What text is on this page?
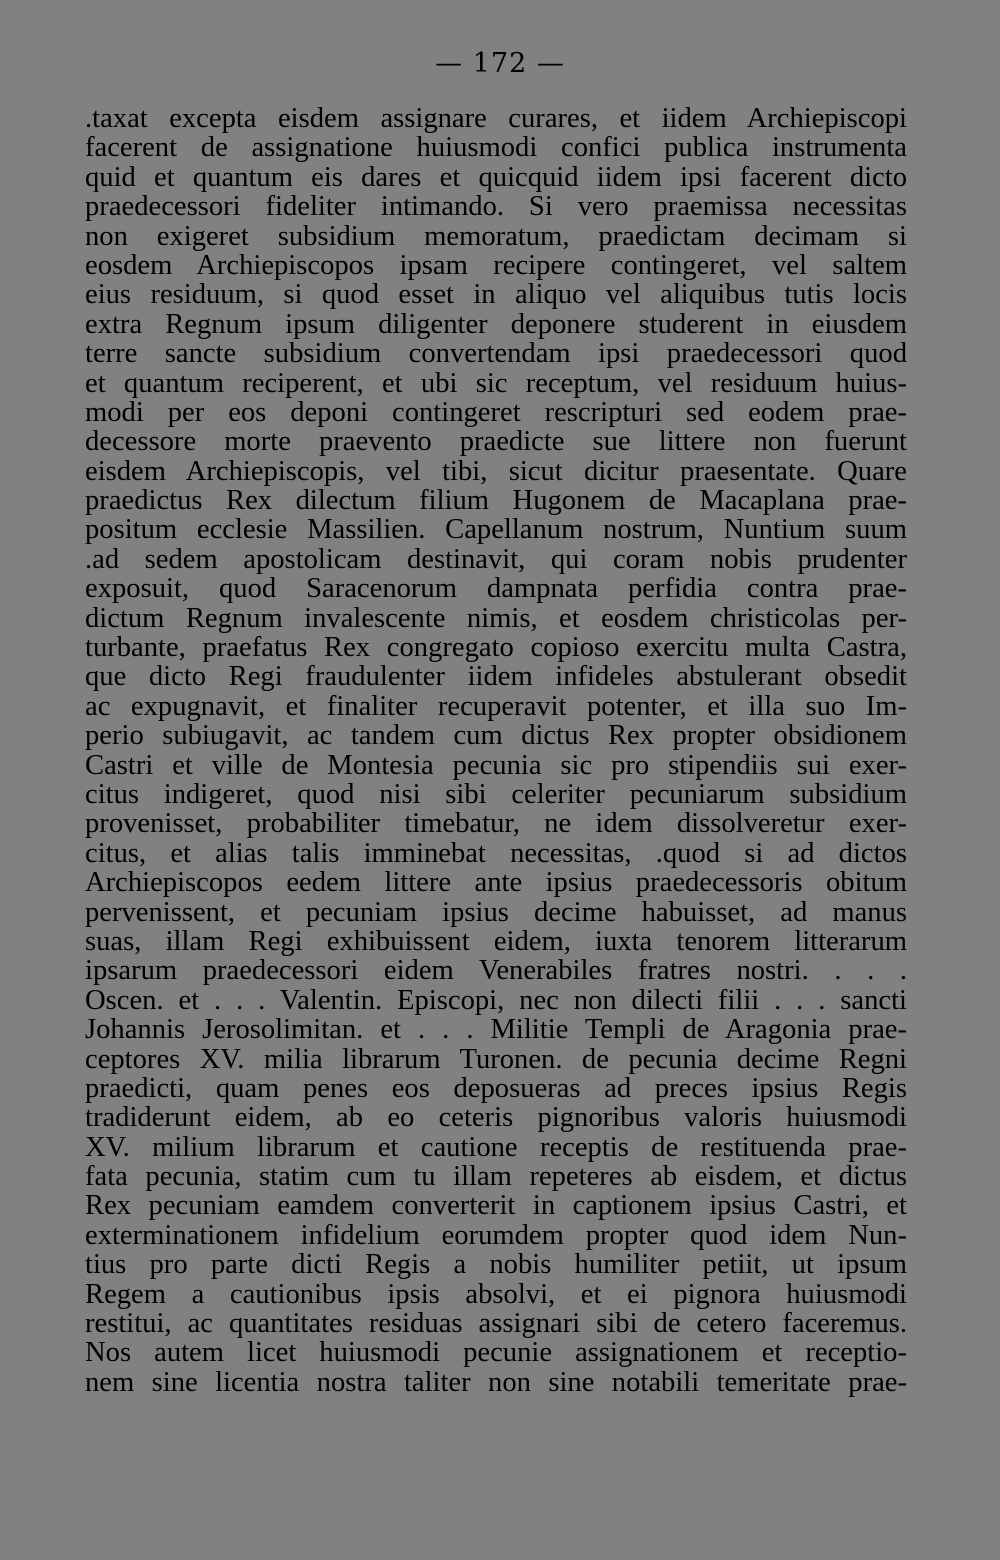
— 172 —
.taxat excepta eisdem assignare curares, et iidem Archiepiscopi
facerent de assignatione huiusmodi confici publica instrumenta
quid et quantum eis dares et quicquid iidem ipsi facerent dicto
praedecessori fideliter intimando. Si vero praemissa necessitas
non exigeret subsidium memoratum, praedictam decimam si
eosdem Archiepiscopos ipsam recipere contingeret, vel saltem
eius residuum, si quod esset in aliquo vel aliquibus tutis locis
extra Regnum ipsum diligenter deponere studerent in eiusdem
terre sancte subsidium convertendam ipsi praedecessori quod
et quantum reciperent, et ubi sic receptum, vel residuum huius-
modi per eos deponi contingeret rescripturi sed eodem prae-
decessore morte praevento praedicte sue littere non fuerunt
eisdem Archiepiscopis, vel tibi, sicut dicitur praesentate. Quare
praedictus Rex dilectum filium Hugonem de Macaplana prae-
positum ecclesie Massilien. Capellanum nostrum, Nuntium suum
.ad sedem apostolicam destinavit, qui coram nobis prudenter
exposuit, quod Saracenorum dampnata perfidia contra prae-
dictum Regnum invalescente nimis, et eosdem christicolas per-
turbante, praefatus Rex congregato copioso exercitu multa Castra,
que dicto Regi fraudulenter iidem infideles abstulerant obsedit
ac expugnavit, et finaliter recuperavit potenter, et illa suo Im-
perio subiugavit, ac tandem cum dictus Rex propter obsidionem
Castri et ville de Montesia pecunia sic pro stipendiis sui exer-
citus indigeret, quod nisi sibi celeriter pecuniarum subsidium
provenisset, probabiliter timebatur, ne idem dissolveretur exer-
citus, et alias talis imminebat necessitas, .quod si ad dictos
Archiepiscopos eedem littere ante ipsius praedecessoris obitum
pervenissent, et pecuniam ipsius decime habuisset, ad manus
suas, illam Regi exhibuissent eidem, iuxta tenorem litterarum
ipsarum praedecessori eidem Venerabiles fratres nostri. . . .
Oscen. et . . . Valentin. Episcopi, nec non dilecti filii . . . sancti
Johannis Jerosolimitan. et . . . Militie Templi de Aragonia prae-
ceptores XV. milia librarum Turonen. de pecunia decime Regni
praedicti, quam penes eos deposueras ad preces ipsius Regis
tradiderunt eidem, ab eo ceteris pignoribus valoris huiusmodi
XV. milium librarum et cautione receptis de restituenda prae-
fata pecunia, statim cum tu illam repeteres ab eisdem, et dictus
Rex pecuniam eamdem converterit in captionem ipsius Castri, et
exterminationem infidelium eorumdem propter quod idem Nun-
tius pro parte dicti Regis a nobis humiliter petiit, ut ipsum
Regem a cautionibus ipsis absolvi, et ei pignora huiusmodi
restitui, ac quantitates residuas assignari sibi de cetero faceremus.
Nos autem licet huiusmodi pecunie assignationem et receptio-
nem sine licentia nostra taliter non sine notabili temeritate prae-
